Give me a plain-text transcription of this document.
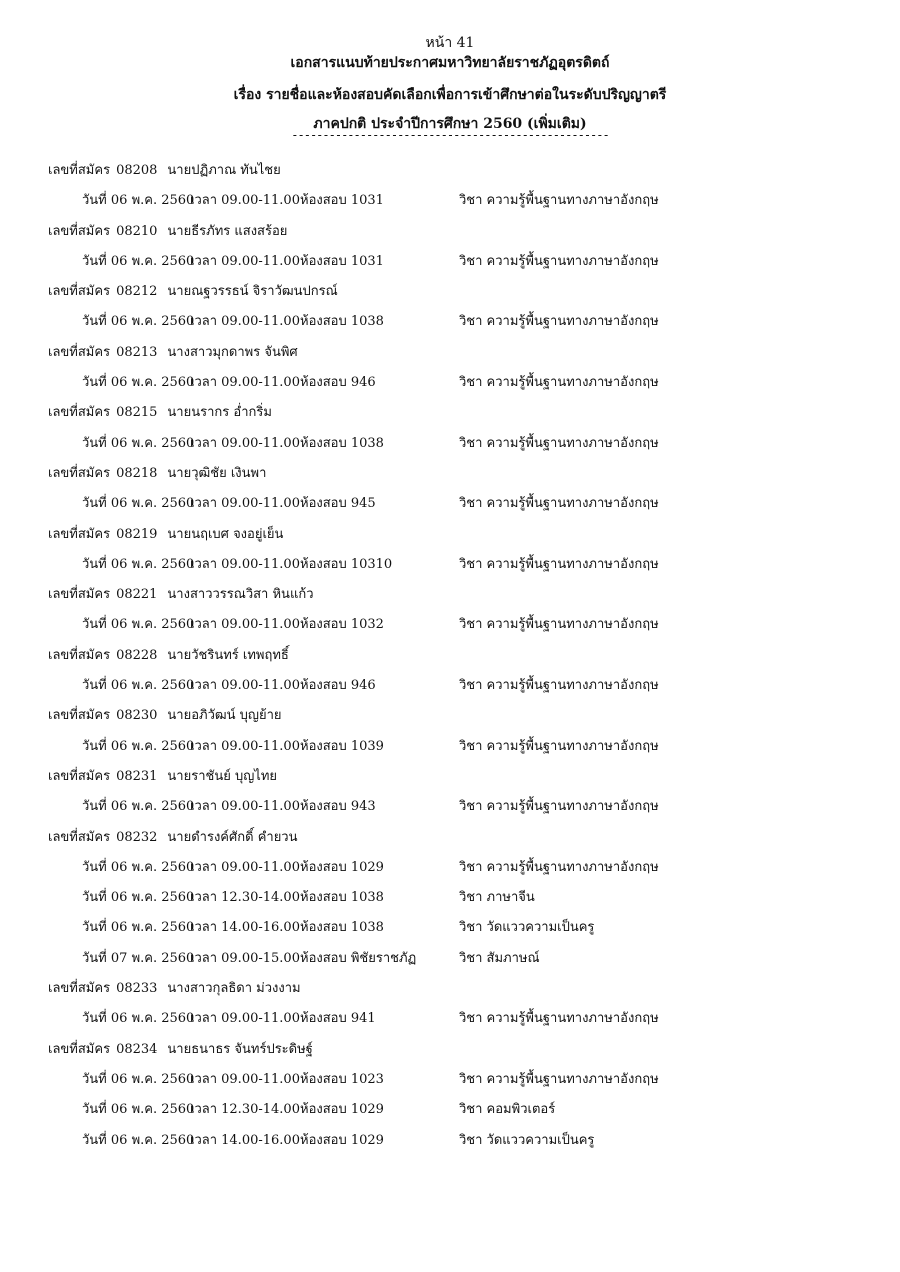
หน้า 41
เอกสารแนบท้ายประกาศมหาวิทยาลัยราชภัฏอุตรดิตถ์
เรื่อง รายชื่อและห้องสอบคัดเลือกเพื่อการเข้าศึกษาต่อในระดับปริญญาตรี
ภาคปกติ ประจำปีการศึกษา 2560 (เพิ่มเติม)
---------------------------------------------------
เลขที่สมัคร 08208 นายปฏิภาณ ทันไชย
วันที่ 06 พ.ค. 2560
เวลา 09.00-11.00 ห้องสอบ 1031	วิชา ความรู้พื้นฐานทางภาษาอังกฤษ
เลขที่สมัคร 08210 นายธีรภัทร แสงสร้อย
วันที่ 06 พ.ค. 2560
เวลา 09.00-11.00 ห้องสอบ 1031	วิชา ความรู้พื้นฐานทางภาษาอังกฤษ
เลขที่สมัคร 08212 นายณฐวรรธน์ จิราวัฒนปกรณ์
วันที่ 06 พ.ค. 2560
เวลา 09.00-11.00 ห้องสอบ 1038	วิชา ความรู้พื้นฐานทางภาษาอังกฤษ
เลขที่สมัคร 08213 นางสาวมุกดาพร จันพิศ
วันที่ 06 พ.ค. 2560
เวลา 09.00-11.00 ห้องสอบ 946	วิชา ความรู้พื้นฐานทางภาษาอังกฤษ
เลขที่สมัคร 08215 นายนรากร อ่ำกริ่ม
วันที่ 06 พ.ค. 2560
เวลา 09.00-11.00 ห้องสอบ 1038	วิชา ความรู้พื้นฐานทางภาษาอังกฤษ
เลขที่สมัคร 08218 นายวุฒิชัย เงินพา
วันที่ 06 พ.ค. 2560
เวลา 09.00-11.00 ห้องสอบ 945	วิชา ความรู้พื้นฐานทางภาษาอังกฤษ
เลขที่สมัคร 08219 นายนฤเบศ จงอยู่เย็น
วันที่ 06 พ.ค. 2560
เวลา 09.00-11.00 ห้องสอบ 10310	วิชา ความรู้พื้นฐานทางภาษาอังกฤษ
เลขที่สมัคร 08221 นางสาววรรณวิสา หินแก้ว
วันที่ 06 พ.ค. 2560
เวลา 09.00-11.00 ห้องสอบ 1032	วิชา ความรู้พื้นฐานทางภาษาอังกฤษ
เลขที่สมัคร 08228 นายวัชรินทร์ เทพฤทธิ์
วันที่ 06 พ.ค. 2560
เวลา 09.00-11.00 ห้องสอบ 946	วิชา ความรู้พื้นฐานทางภาษาอังกฤษ
เลขที่สมัคร 08230 นายอภิวัฒน์ บุญย้าย
วันที่ 06 พ.ค. 2560
เวลา 09.00-11.00 ห้องสอบ 1039	วิชา ความรู้พื้นฐานทางภาษาอังกฤษ
เลขที่สมัคร 08231 นายราชันย์ บุญไทย
วันที่ 06 พ.ค. 2560
เวลา 09.00-11.00 ห้องสอบ 943	วิชา ความรู้พื้นฐานทางภาษาอังกฤษ
เลขที่สมัคร 08232 นายดำรงค์ศักดิ์ คำยวน
วันที่ 06 พ.ค. 2560
เวลา 09.00-11.00 ห้องสอบ 1029	วิชา ความรู้พื้นฐานทางภาษาอังกฤษ
วันที่ 06 พ.ค. 2560
เวลา 12.30-14.00 ห้องสอบ 1038	วิชา ภาษาจีน
วันที่ 06 พ.ค. 2560
เวลา 14.00-16.00 ห้องสอบ 1038	วิชา วัดแววความเป็นครู
วันที่ 07 พ.ค. 2560
เวลา 09.00-15.00 ห้องสอบ พิชัยราชภัฏ	วิชา สัมภาษณ์
เลขที่สมัคร 08233 นางสาวกุลธิดา ม่วงงาม
วันที่ 06 พ.ค. 2560
เวลา 09.00-11.00 ห้องสอบ 941	วิชา ความรู้พื้นฐานทางภาษาอังกฤษ
เลขที่สมัคร 08234 นายธนาธร จันทร์ประดิษฐ์
วันที่ 06 พ.ค. 2560
เวลา 09.00-11.00 ห้องสอบ 1023	วิชา ความรู้พื้นฐานทางภาษาอังกฤษ
วันที่ 06 พ.ค. 2560
เวลา 12.30-14.00 ห้องสอบ 1029	วิชา คอมพิวเตอร์
วันที่ 06 พ.ค. 2560
เวลา 14.00-16.00 ห้องสอบ 1029	วิชา วัดแววความเป็นครู
